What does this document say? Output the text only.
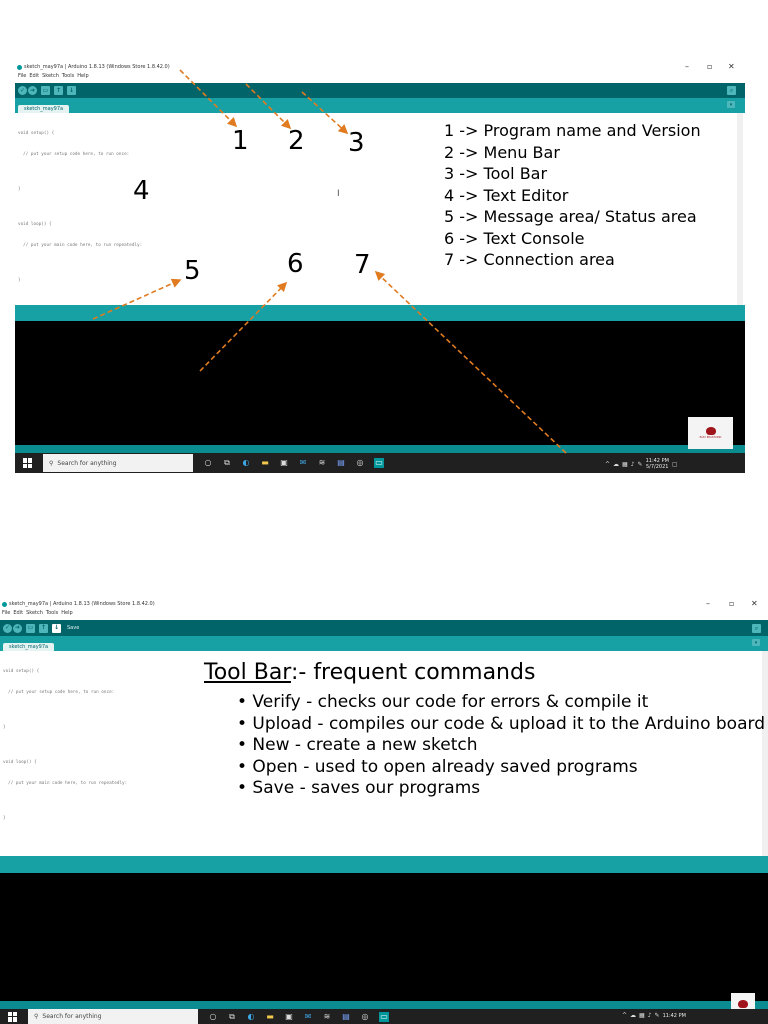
sketch_may97a | Arduino 1.8.13 (Windows Store 1.8.42.0)	– ▫ ✕
File Edit Sketch Tools Help
✓ ➜	▭	↑	↓	⌕
sketch_may97a
▾

void setup() {

// put your setup code here, to run once:

}

void loop() {

// put your main code here, to run repeatedly:

}

I
EASY REASTUDIO
⚲ Search for anything	○ ⧉ ◐ ▬ ▣ ✉ ≋ ▤ ◎ ▭	^ ☁ ▦ ♪ ✎ 11:42 PM
5/7/2021 ▢
1 2 3
4
5	6 7
1 -> Program name and Version
2 -> Menu Bar
3 -> Tool Bar
4 -> Text Editor
5 -> Message area/ Status area
6 -> Text Console
7 -> Connection area
sketch_may97a | Arduino 1.8.13 (Windows Store 1.8.42.0)	– ▫ ✕
File Edit Sketch Tools Help
✓ ➜	▭	↑	↓	Save	⌕
sketch_may97a
▾

void setup() {

// put your setup code here, to run once:

}

void loop() {

// put your main code here, to run repeatedly:

}

⚲ Search for anything	○ ⧉ ◐ ▬ ▣ ✉ ≋ ▤ ◎ ▭	^ ☁ ▦ ♪ ✎ 11:42 PM
Tool Bar:- frequent commands
• Verify - checks our code for errors & compile it
• Upload - compiles our code & upload it to the Arduino board
• New - create a new sketch
• Open - used to open already saved programs
• Save - saves our programs
